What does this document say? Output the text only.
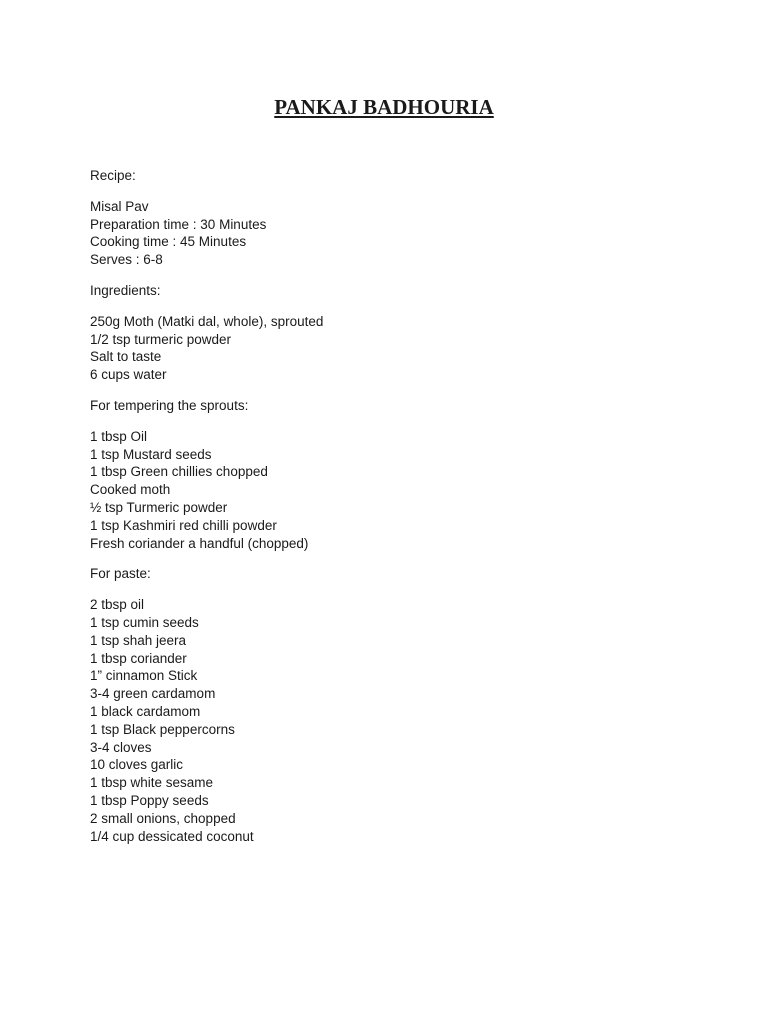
PANKAJ BADHOURIA

Recipe:

Misal Pav
Preparation time : 30 Minutes
Cooking time : 45 Minutes
Serves : 6-8

Ingredients:

250g Moth (Matki dal, whole), sprouted
1/2 tsp turmeric powder
Salt to taste
6 cups water

For tempering the sprouts:

1 tbsp Oil
1 tsp Mustard seeds
1 tbsp Green chillies chopped
Cooked moth
½ tsp Turmeric powder
1 tsp Kashmiri red chilli powder
Fresh coriander a handful (chopped)

For paste:

2 tbsp oil
1 tsp cumin seeds
1 tsp shah jeera
1 tbsp coriander
1” cinnamon Stick
3-4 green cardamom
1 black cardamom
1 tsp Black peppercorns
3-4 cloves
10 cloves garlic
1 tbsp white sesame
1 tbsp Poppy seeds
2 small onions, chopped
1/4 cup dessicated coconut
